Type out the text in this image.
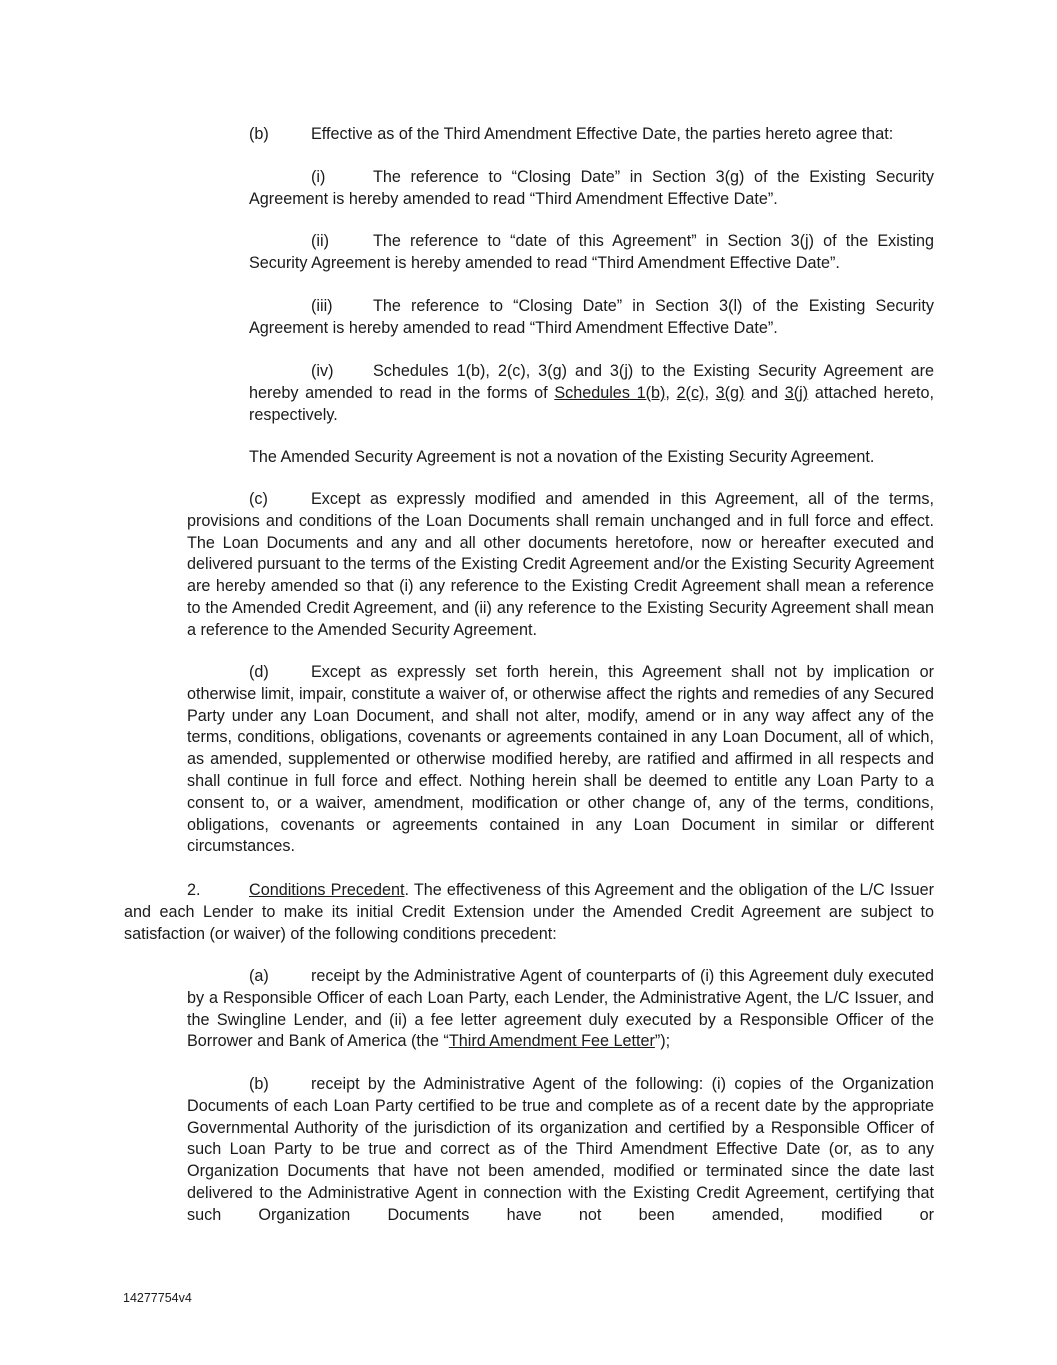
(b)	Effective as of the Third Amendment Effective Date, the parties hereto agree that:

(i)	The reference to “Closing Date” in Section 3(g) of the Existing Security Agreement is hereby amended to read “Third Amendment Effective Date”.

(ii)	The reference to “date of this Agreement” in Section 3(j) of the Existing Security Agreement is hereby amended to read “Third Amendment Effective Date”.

(iii) The reference to “Closing Date” in Section 3(l) of the Existing Security Agreement is hereby amended to read “Third Amendment Effective Date”.

(iv) Schedules 1(b), 2(c), 3(g) and 3(j) to the Existing Security Agreement are hereby amended to read in the forms of Schedules 1(b), 2(c), 3(g) and 3(j) attached hereto, respectively.

The Amended Security Agreement is not a novation of the Existing Security Agreement.

(c)	Except as expressly modified and amended in this Agreement, all of the terms, provisions and conditions of the Loan Documents shall remain unchanged and in full force and effect. The Loan Documents and any and all other documents heretofore, now or hereafter executed and delivered pursuant to the terms of the Existing Credit Agreement and/or the Existing Security Agreement are hereby amended so that (i) any reference to the Existing Credit Agreement shall mean a reference to the Amended Credit Agreement, and (ii) any reference to the Existing Security Agreement shall mean a reference to the Amended Security Agreement.

(d)	Except as expressly set forth herein, this Agreement shall not by implication or otherwise limit, impair, constitute a waiver of, or otherwise affect the rights and remedies of any Secured Party under any Loan Document, and shall not alter, modify, amend or in any way affect any of the terms, conditions, obligations, covenants or agreements contained in any Loan Document, all of which, as amended, supplemented or otherwise modified hereby, are ratified and affirmed in all respects and shall continue in full force and effect. Nothing herein shall be deemed to entitle any Loan Party to a consent to, or a waiver, amendment, modification or other change of, any of the terms, conditions, obligations, covenants or agreements contained in any Loan Document in similar or different circumstances.

2.	Conditions Precedent. The effectiveness of this Agreement and the obligation of the L/C Issuer and each Lender to make its initial Credit Extension under the Amended Credit Agreement are subject to satisfaction (or waiver) of the following conditions precedent:

(a)	receipt by the Administrative Agent of counterparts of (i) this Agreement duly executed by a Responsible Officer of each Loan Party, each Lender, the Administrative Agent, the L/C Issuer, and the Swingline Lender, and (ii) a fee letter agreement duly executed by a Responsible Officer of the Borrower and Bank of America (the “Third Amendment Fee Letter”);

(b)	receipt by the Administrative Agent of the following: (i) copies of the Organization Documents of each Loan Party certified to be true and complete as of a recent date by the appropriate Governmental Authority of the jurisdiction of its organization and certified by a Responsible Officer of such Loan Party to be true and correct as of the Third Amendment Effective Date (or, as to any Organization Documents that have not been amended, modified or terminated since the date last delivered to the Administrative Agent in connection with the Existing Credit Agreement, certifying that such Organization Documents have not been amended, modified or

14277754v4
